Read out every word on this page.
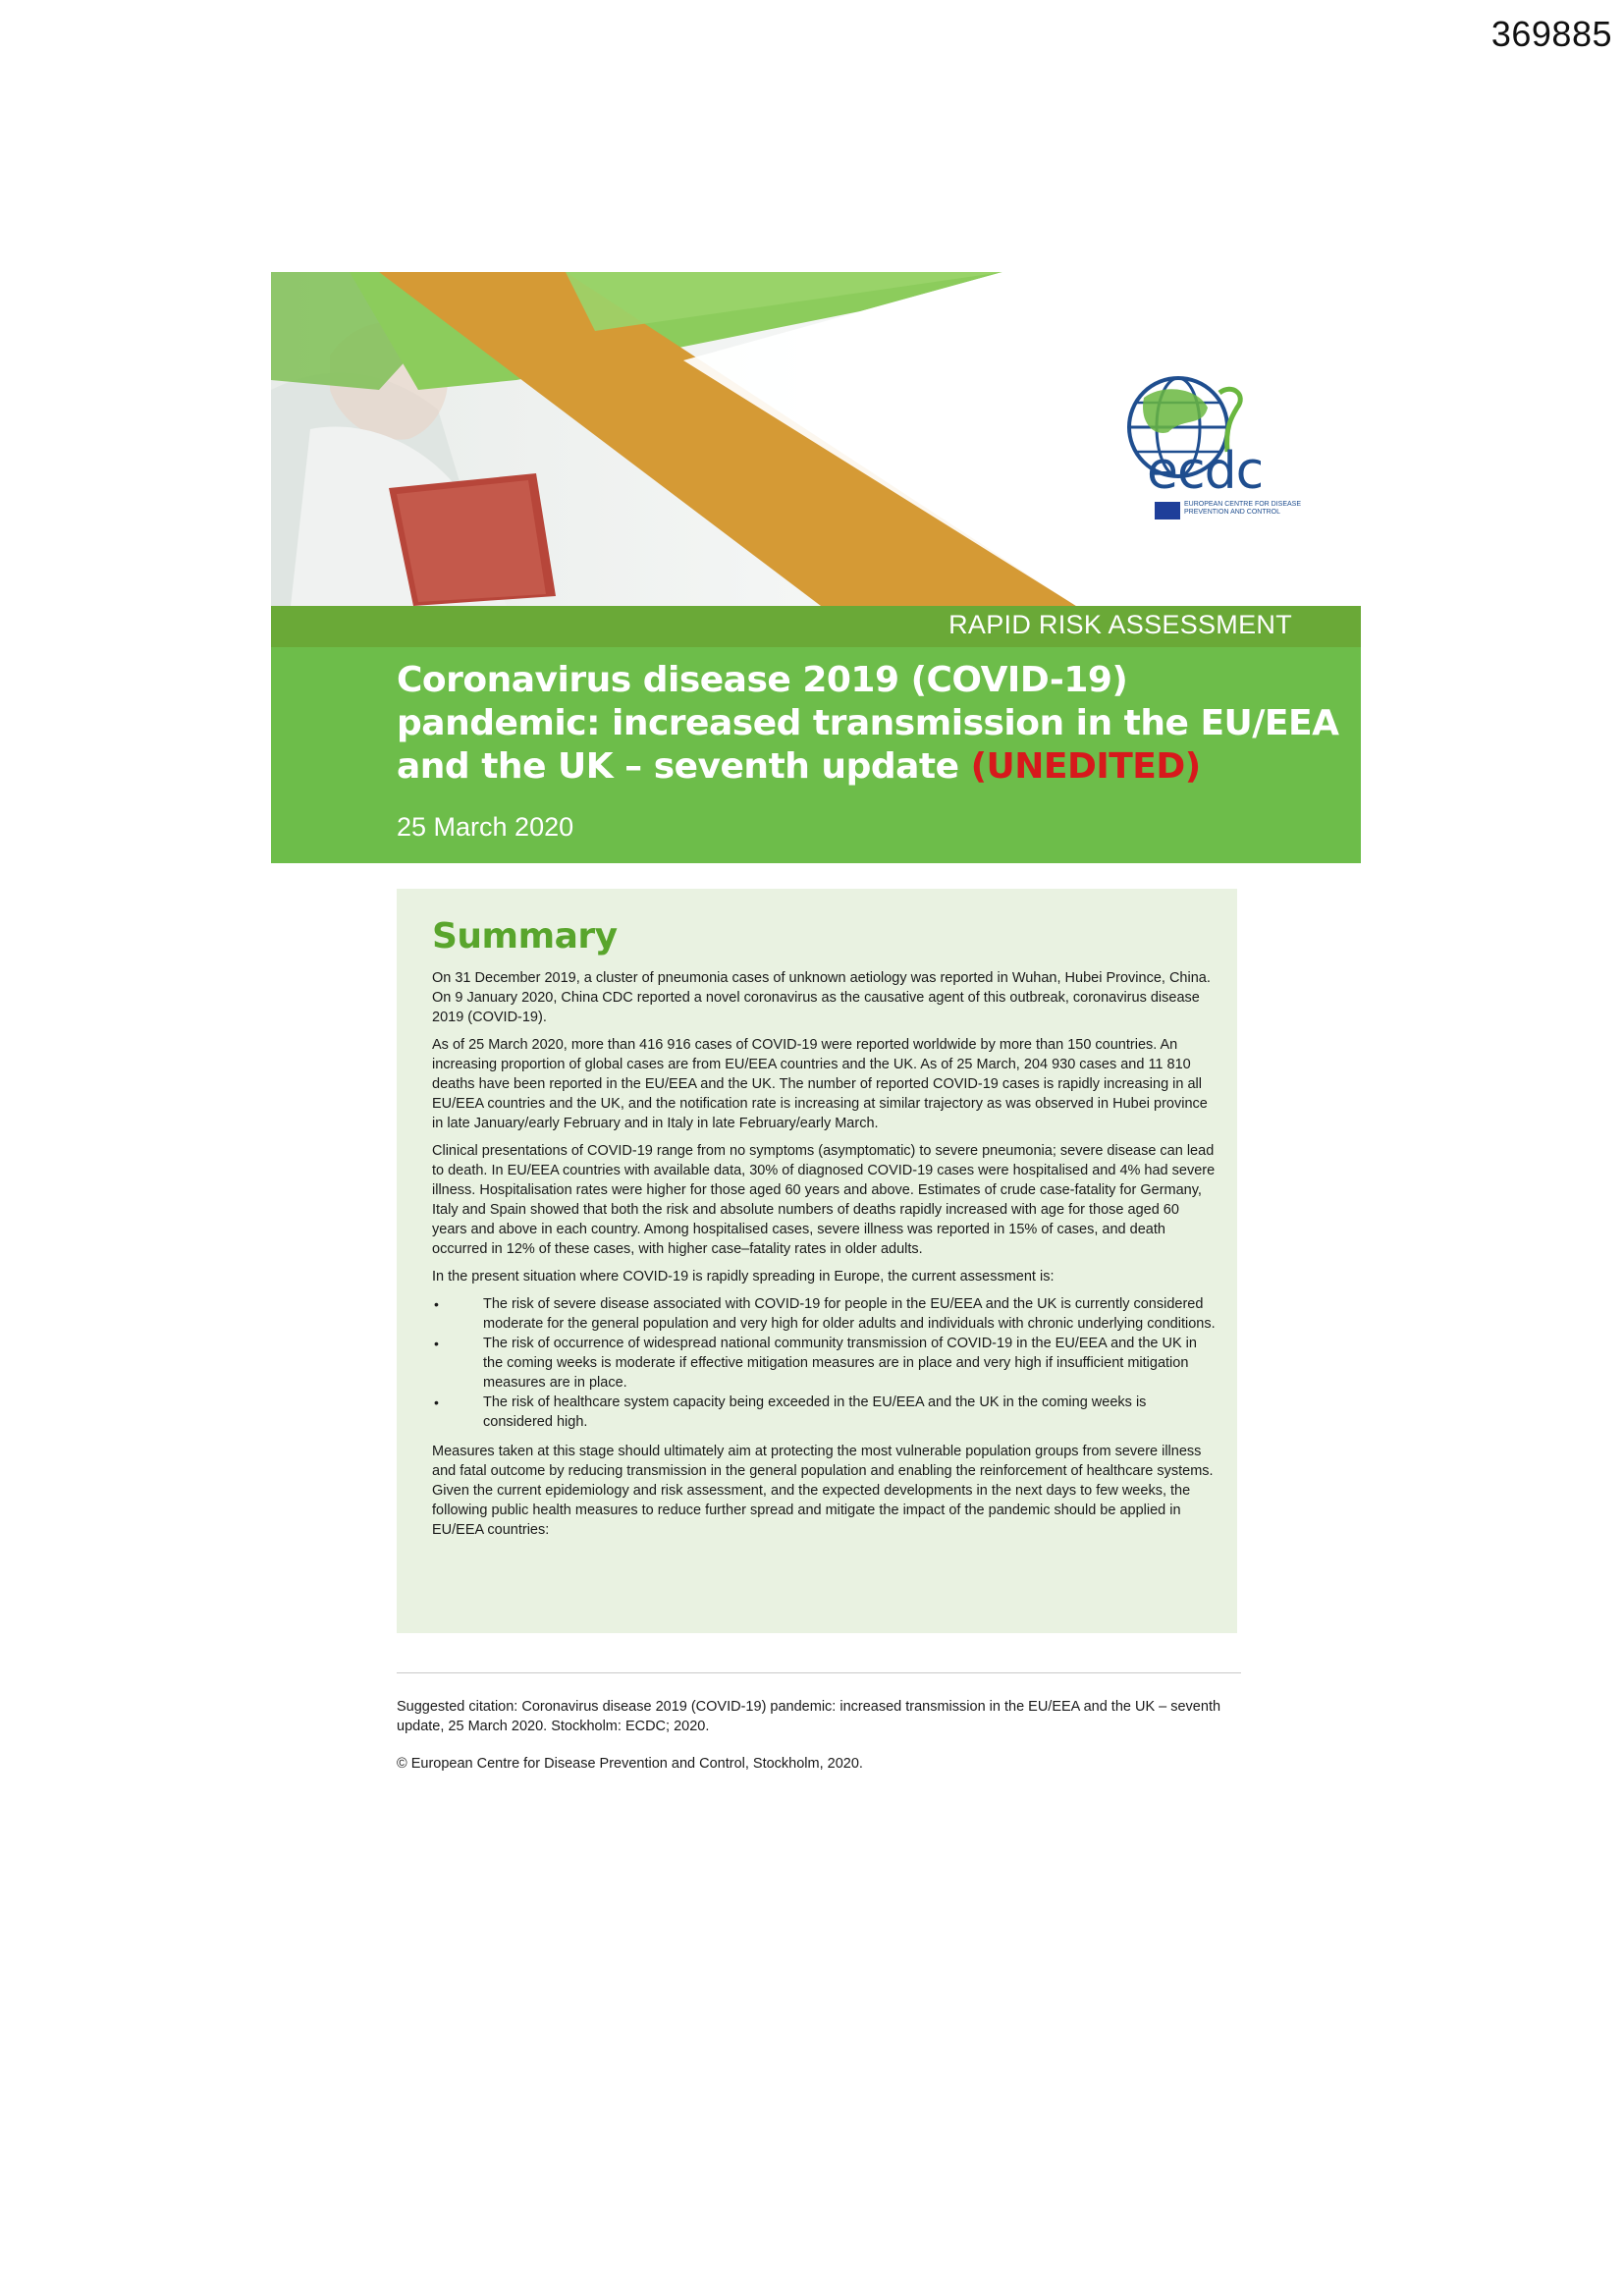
369885
ecdc
EUROPEAN CENTRE FOR DISEASE PREVENTION AND CONTROL
RAPID RISK ASSESSMENT
Coronavirus disease 2019 (COVID-19) pandemic: increased transmission in the EU/EEA and the UK – seventh update (UNEDITED)
25 March 2020
Summary

On 31 December 2019, a cluster of pneumonia cases of unknown aetiology was reported in Wuhan, Hubei Province, China. On 9 January 2020, China CDC reported a novel coronavirus as the causative agent of this outbreak, coronavirus disease 2019 (COVID-19).

As of 25 March 2020, more than 416 916 cases of COVID-19 were reported worldwide by more than 150 countries. An increasing proportion of global cases are from EU/EEA countries and the UK. As of 25 March, 204 930 cases and 11 810 deaths have been reported in the EU/EEA and the UK. The number of reported COVID-19 cases is rapidly increasing in all EU/EEA countries and the UK, and the notification rate is increasing at similar trajectory as was observed in Hubei province in late January/early February and in Italy in late February/early March.

Clinical presentations of COVID-19 range from no symptoms (asymptomatic) to severe pneumonia; severe disease can lead to death. In EU/EEA countries with available data, 30% of diagnosed COVID-19 cases were hospitalised and 4% had severe illness. Hospitalisation rates were higher for those aged 60 years and above. Estimates of crude case-fatality for Germany, Italy and Spain showed that both the risk and absolute numbers of deaths rapidly increased with age for those aged 60 years and above in each country. Among hospitalised cases, severe illness was reported in 15% of cases, and death occurred in 12% of these cases, with higher case–fatality rates in older adults.

In the present situation where COVID-19 is rapidly spreading in Europe, the current assessment is:

•	The risk of severe disease associated with COVID-19 for people in the EU/EEA and the UK is currently considered moderate for the general population and very high for older adults and individuals with chronic underlying conditions.
•	The risk of occurrence of widespread national community transmission of COVID-19 in the EU/EEA and the UK in the coming weeks is moderate if effective mitigation measures are in place and very high if insufficient mitigation measures are in place.
•	The risk of healthcare system capacity being exceeded in the EU/EEA and the UK in the coming weeks is considered high.

Measures taken at this stage should ultimately aim at protecting the most vulnerable population groups from severe illness and fatal outcome by reducing transmission in the general population and enabling the reinforcement of healthcare systems. Given the current epidemiology and risk assessment, and the expected developments in the next days to few weeks, the following public health measures to reduce further spread and mitigate the impact of the pandemic should be applied in EU/EEA countries:

Suggested citation: Coronavirus disease 2019 (COVID-19) pandemic: increased transmission in the EU/EEA and the UK – seventh update, 25 March 2020. Stockholm: ECDC; 2020.
© European Centre for Disease Prevention and Control, Stockholm, 2020.
